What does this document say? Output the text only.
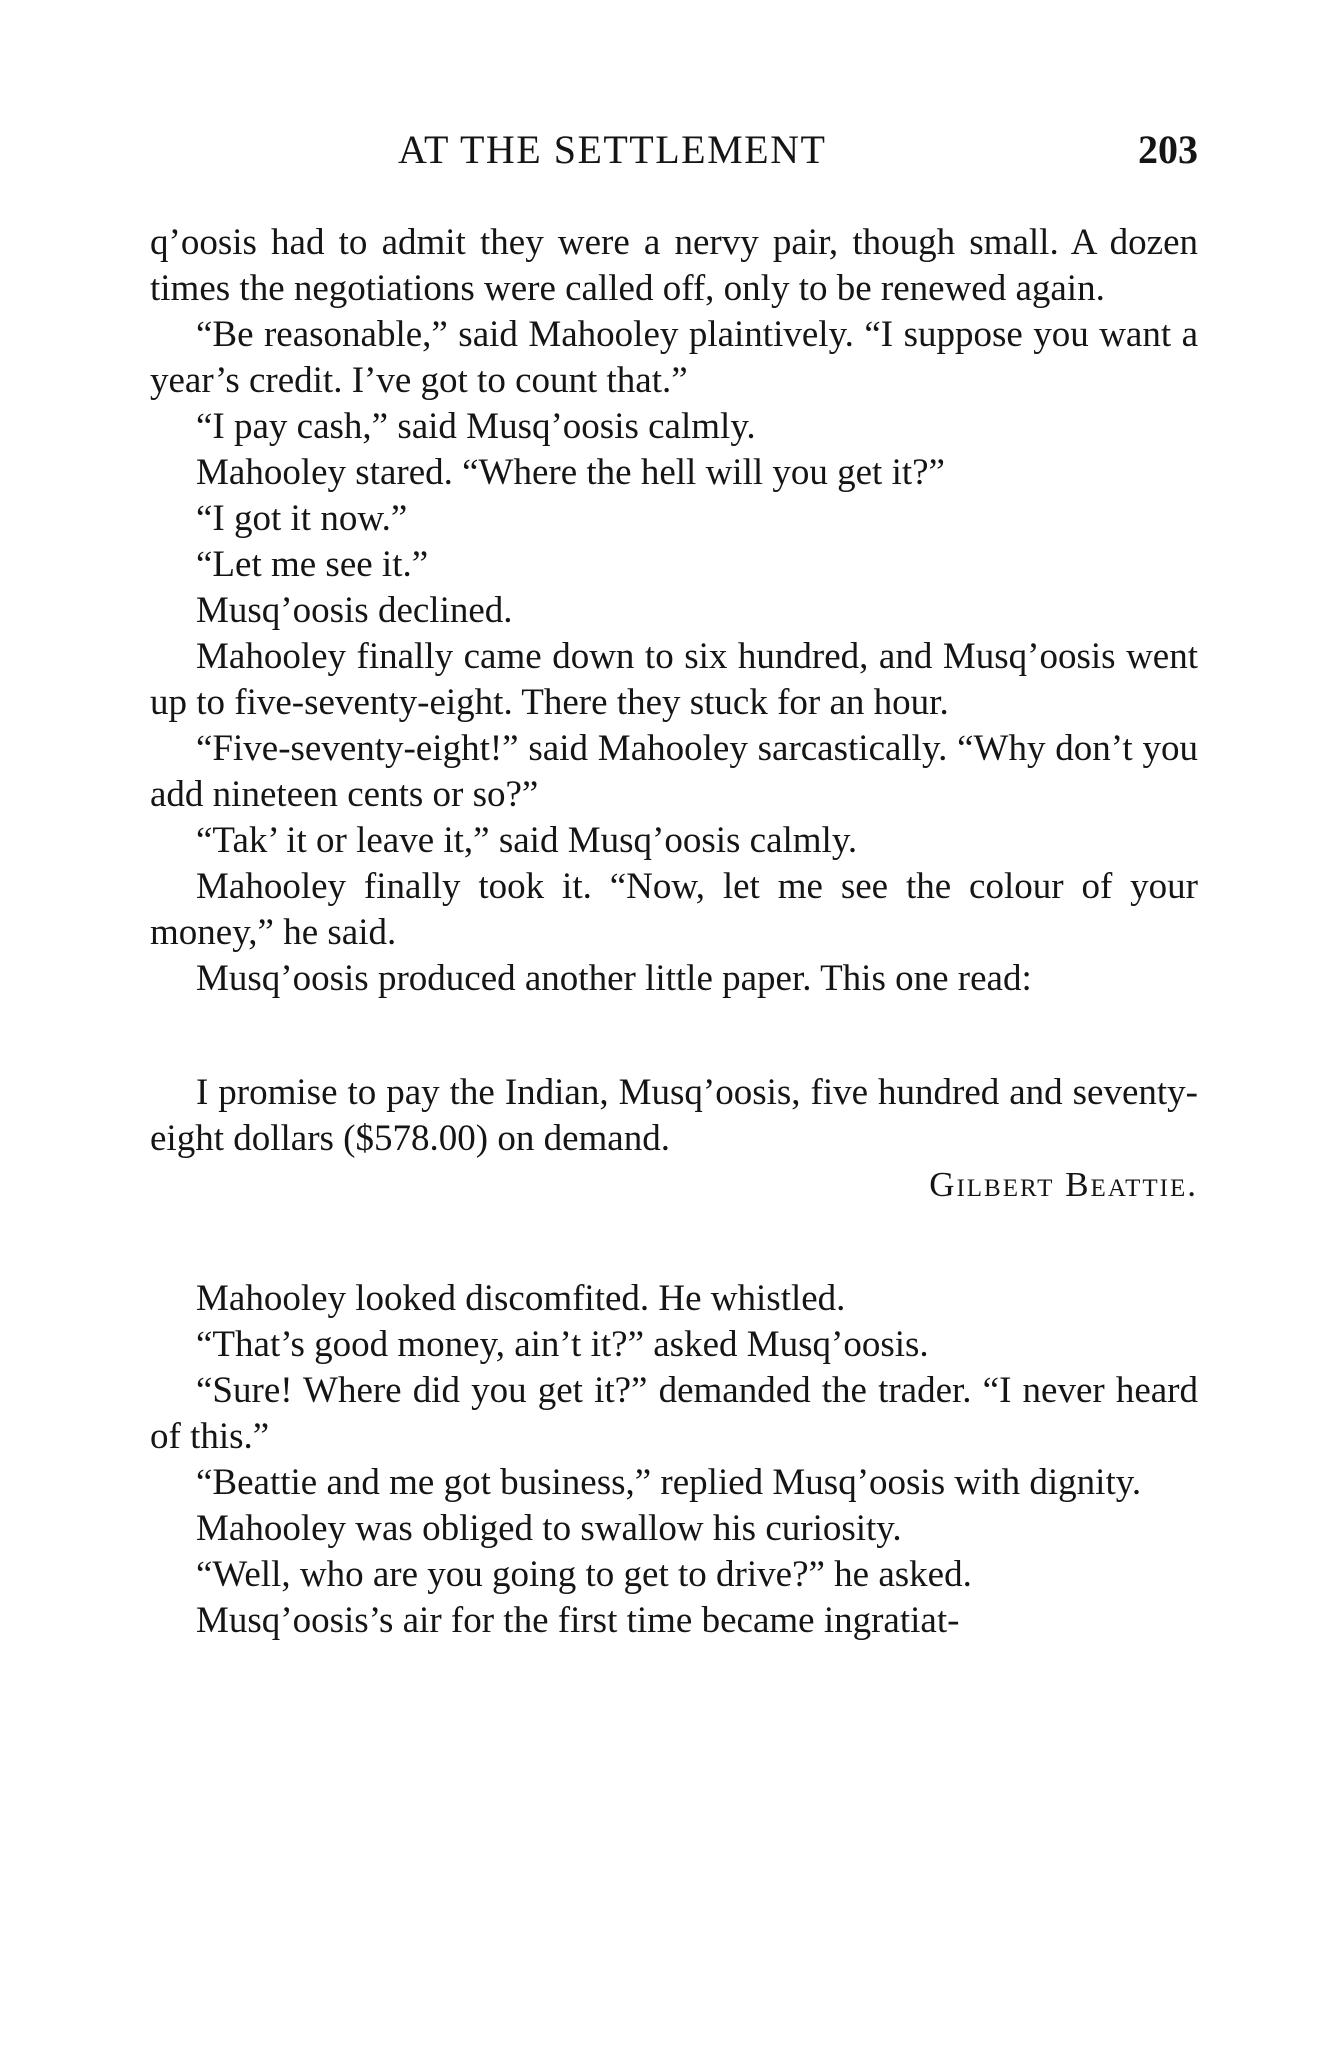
AT THE SETTLEMENT	203

q’oosis had to admit they were a nervy pair, though small. A dozen times the negotiations were called off, only to be renewed again.

“Be reasonable,” said Mahooley plaintively. “I suppose you want a year’s credit. I’ve got to count that.”

“I pay cash,” said Musq’oosis calmly.

Mahooley stared. “Where the hell will you get it?”

“I got it now.”

“Let me see it.”

Musq’oosis declined.

Mahooley finally came down to six hundred, and Musq’oosis went up to five-seventy-eight. There they stuck for an hour.

“Five-seventy-eight!” said Mahooley sarcastically. “Why don’t you add nineteen cents or so?”

“Tak’ it or leave it,” said Musq’oosis calmly.

Mahooley finally took it. “Now, let me see the colour of your money,” he said.

Musq’oosis produced another little paper. This one read:

I promise to pay the Indian, Musq’oosis, five hundred and seventy-eight dollars ($578.00) on demand.

Gilbert Beattie.

Mahooley looked discomfited. He whistled.

“That’s good money, ain’t it?” asked Musq’oosis.

“Sure! Where did you get it?” demanded the trader. “I never heard of this.”

“Beattie and me got business,” replied Musq’oosis with dignity.

Mahooley was obliged to swallow his curiosity.

“Well, who are you going to get to drive?” he asked.

Musq’oosis’s air for the first time became ingratiat-
